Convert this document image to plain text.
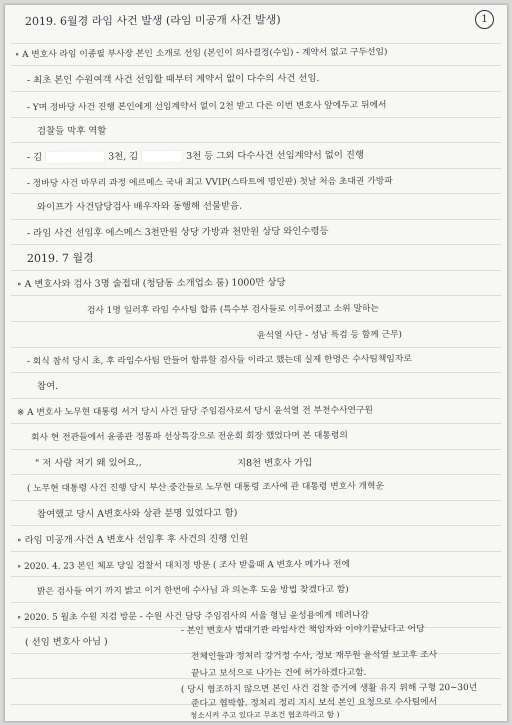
1
2019. 6월경 라임 사건 발생 (라임 미공개 사건 발생)
∘ A 변호사 라임 이종필 부사장 본인 소개로 선임 (본인이 의사결정(수임) - 계약서 없고 구두선임)
- 최초 본인 수원여객 사건 선임할 때부터 계약서 없이 다수의 사건 선임.
- Y며 정바당 사건 진행 본인에게 선임계약서 없이 2천 받고 다른 이번 변호사 앞에두고 뒤에서
검찰들 막후 역할
- 김	3천, 김	3천 등 그외 다수사건 선임계약서 없이 진행
- 정바당 사건 마무리 과정 에르메스 국내 최고 VVIP(스타트에 명인판) 첫날 처음 초대권 가방파
와이프가 사건담당검사 배우자와 동행해 선물받음.
- 라임 사건 선임후 에스메스 3천만원 상당 가방과 천만원 상당 와인수령등
2019. 7 월경
∘ A 변호사와 검사 3명 술접대 (청담동 소개업소 룸) 1000만 상당
검사 1명 일러후 라임 수사팀 합류 (특수부 검사들로 이루어졌고 소위 말하는
윤석열 사단 - 성남 특검 등 함께 근무)
- 회식 참석 당시 초, 후 라임수사팀 만들어 합류할 검사들 이라고 했는데 실제 한명은 수사팀책임자로
참여.
※ A 변호사 노무현 대통령 서거 당시 사건 담당 주임검사로서 당시 윤석열 전 부천수사연구원
회사 현 전관들에서 윤종관 정통파 선상특강으로 전운회 회장 했었다며 본 대통령의
" 저 사람 저기 왜 있어요,,	지8천 변호사 가입
( 노무현 대통령 사건 진행 당시 부산 중간들로 노무현 대통령 조사에 관 대통령 변호사 개혁운
참여했고 당시 A변호사와 상관 분명 있었다고 함)
∘ 라임 미공개 사건 A 변호사 선임후 후 사건의 진행 인원
∘ 2020. 4. 23 본인 체포 당일 검찰서 대치정 방문 ( 조사 받을때 A 변호사 메가나 전에
밝은 검사들 여기 까지 밝고 이거 한번에 수사님 과 의논후 도움 방법 찾겠다고 함)
∘ 2020. 5 월초 수원 지검 방문 - 수원 사건 담당 주임검사의 서울 형님 윤성용에게 데려나감
( 선임 변호사 아님 )
- 본인 변호사 법대기관 라임사건 책임자와 이야기끝났다고 어당
전체인들과 정처리 강거정 수사, 정보 재무원 윤석열 보고후 조사
끝나고 보석으로 나가는 건에 허가하겠다고함.
( 당시 협조하지 않으면 본인 사건 검찰 증거에 생활 유지 위해 구형 20~30년
준다고 협박함. 정처리 정리 지시 보석 본인 요청으로 수사팀에서
청소시켜 주고 있다고 무조건 협조하라고 함 )
